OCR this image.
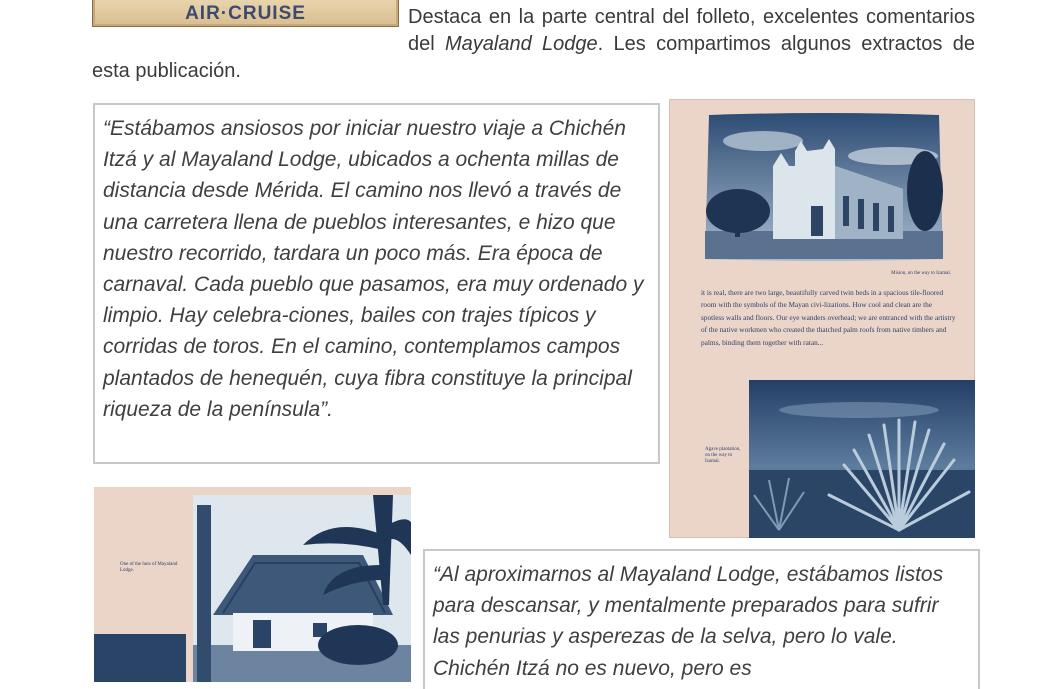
AIR·CRUISE	Destaca en la parte central del folleto, excelentes comentarios del Mayaland Lodge. Les compartimos algunos extractos de esta publicación.

“Estábamos ansiosos por iniciar nuestro viaje a Chichén Itzá y al Mayaland Lodge, ubicados a ochenta millas de distancia desde Mérida. El camino nos llevó a través de una carretera llena de pueblos interesantes, e hizo que nuestro recorrido, tardara un poco más. Era época de carnaval. Cada pueblo que pasamos, era muy ordenado y limpio. Hay celebra-ciones, bailes con trajes típicos y corridas de toros. En el camino, contemplamos campos plantados de henequén, cuya fibra constituye la principal riqueza de la península”.

Mision, on the way to Izamal.
it is real, there are two large, beautifully carved twin beds in a spacious tile-floored room with the symbols of the Mayan civi-lizations. How cool and clean are the spotless walls and floors. Our eye wanders overhead; we are entranced with the artistry of the native workmen who created the thatched palm roofs from native timbers and palms, binding them together with ratan...
Agave plantation, on the way to Izamal.
One of the huts of Mayaland Lodge.	“Al aproximarnos al Mayaland Lodge, estábamos listos para descansar, y mentalmente preparados para sufrir las penurias y asperezas de la selva, pero lo vale. Chichén Itzá no es nuevo, pero es
